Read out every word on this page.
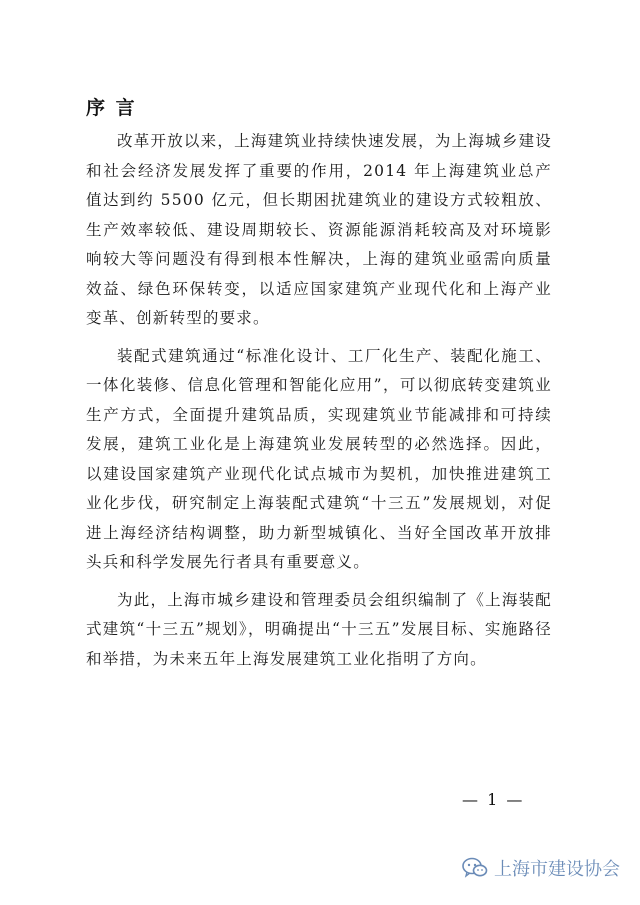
序 言

改革开放以来，上海建筑业持续快速发展，为上海城乡建设和社会经济发展发挥了重要的作用，2014 年上海建筑业总产值达到约 5500 亿元，但长期困扰建筑业的建设方式较粗放、生产效率较低、建设周期较长、资源能源消耗较高及对环境影响较大等问题没有得到根本性解决，上海的建筑业亟需向质量效益、绿色环保转变，以适应国家建筑产业现代化和上海产业变革、创新转型的要求。

装配式建筑通过“标准化设计、工厂化生产、装配化施工、一体化装修、信息化管理和智能化应用”，可以彻底转变建筑业生产方式，全面提升建筑品质，实现建筑业节能减排和可持续发展，建筑工业化是上海建筑业发展转型的必然选择。因此，以建设国家建筑产业现代化试点城市为契机，加快推进建筑工业化步伐，研究制定上海装配式建筑“十三五”发展规划，对促进上海经济结构调整，助力新型城镇化、当好全国改革开放排头兵和科学发展先行者具有重要意义。

为此，上海市城乡建设和管理委员会组织编制了《上海装配式建筑“十三五”规划》，明确提出“十三五”发展目标、实施路径和举措，为未来五年上海发展建筑工业化指明了方向。

— 1 —
上海市建设协会
